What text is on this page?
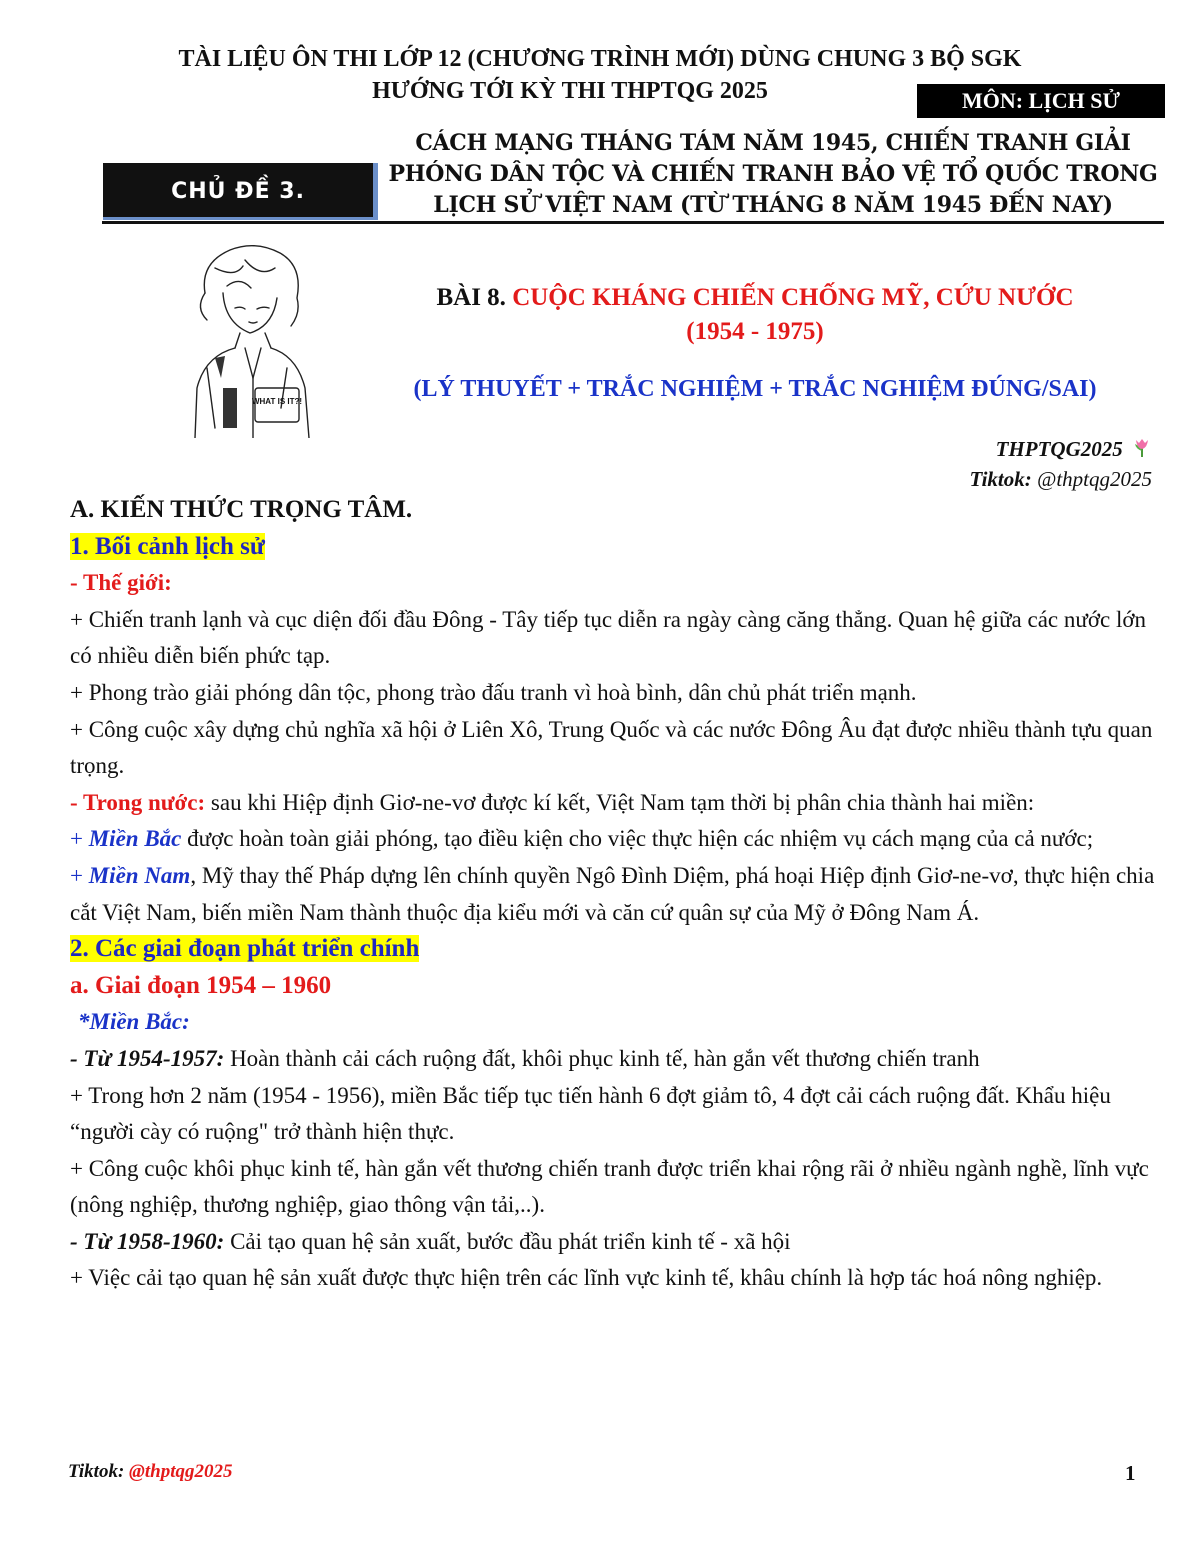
TÀI LIỆU ÔN THI LỚP 12 (CHƯƠNG TRÌNH MỚI) DÙNG CHUNG 3 BỘ SGK
HƯỚNG TỚI KỲ THI THPTQG 2025	MÔN: LỊCH SỬ
CHỦ ĐỀ 3.
CÁCH MẠNG THÁNG TÁM NĂM 1945, CHIẾN TRANH GIẢI
PHÓNG DÂN TỘC VÀ CHIẾN TRANH BẢO VỆ TỔ QUỐC TRONG
LỊCH SỬ VIỆT NAM (TỪ THÁNG 8 NĂM 1945 ĐẾN NAY)
WHAT IS IT?!
BÀI 8. CUỘC KHÁNG CHIẾN CHỐNG MỸ, CỨU NƯỚC
(1954 - 1975)
(LÝ THUYẾT + TRẮC NGHIỆM + TRẮC NGHIỆM ĐÚNG/SAI)
THPTQG2025
Tiktok: @thptqg2025

A. KIẾN THỨC TRỌNG TÂM.

1. Bối cảnh lịch sử

- Thế giới:

+ Chiến tranh lạnh và cục diện đối đầu Đông - Tây tiếp tục diễn ra ngày càng căng thẳng. Quan hệ giữa các nước lớn có nhiều diễn biến phức tạp.

+ Phong trào giải phóng dân tộc, phong trào đấu tranh vì hoà bình, dân chủ phát triển mạnh.

+ Công cuộc xây dựng chủ nghĩa xã hội ở Liên Xô, Trung Quốc và các nước Đông Âu đạt được nhiều thành tựu quan trọng.

- Trong nước: sau khi Hiệp định Giơ-ne-vơ được kí kết, Việt Nam tạm thời bị phân chia thành hai miền:

+ Miền Bắc được hoàn toàn giải phóng, tạo điều kiện cho việc thực hiện các nhiệm vụ cách mạng của cả nước;

+ Miền Nam, Mỹ thay thế Pháp dựng lên chính quyền Ngô Đình Diệm, phá hoại Hiệp định Giơ-ne-vơ, thực hiện chia cắt Việt Nam, biến miền Nam thành thuộc địa kiểu mới và căn cứ quân sự của Mỹ ở Đông Nam Á.

2. Các giai đoạn phát triển chính

a. Giai đoạn 1954 – 1960

*Miền Bắc:

- Từ 1954-1957: Hoàn thành cải cách ruộng đất, khôi phục kinh tế, hàn gắn vết thương chiến tranh

+ Trong hơn 2 năm (1954 - 1956), miền Bắc tiếp tục tiến hành 6 đợt giảm tô, 4 đợt cải cách ruộng đất. Khẩu hiệu “người cày có ruộng" trở thành hiện thực.

+ Công cuộc khôi phục kinh tế, hàn gắn vết thương chiến tranh được triển khai rộng rãi ở nhiều ngành nghề, lĩnh vực (nông nghiệp, thương nghiệp, giao thông vận tải,..).

- Từ 1958-1960: Cải tạo quan hệ sản xuất, bước đầu phát triển kinh tế - xã hội

+ Việc cải tạo quan hệ sản xuất được thực hiện trên các lĩnh vực kinh tế, khâu chính là hợp tác hoá nông nghiệp.

Tiktok: @thptqg2025	1
